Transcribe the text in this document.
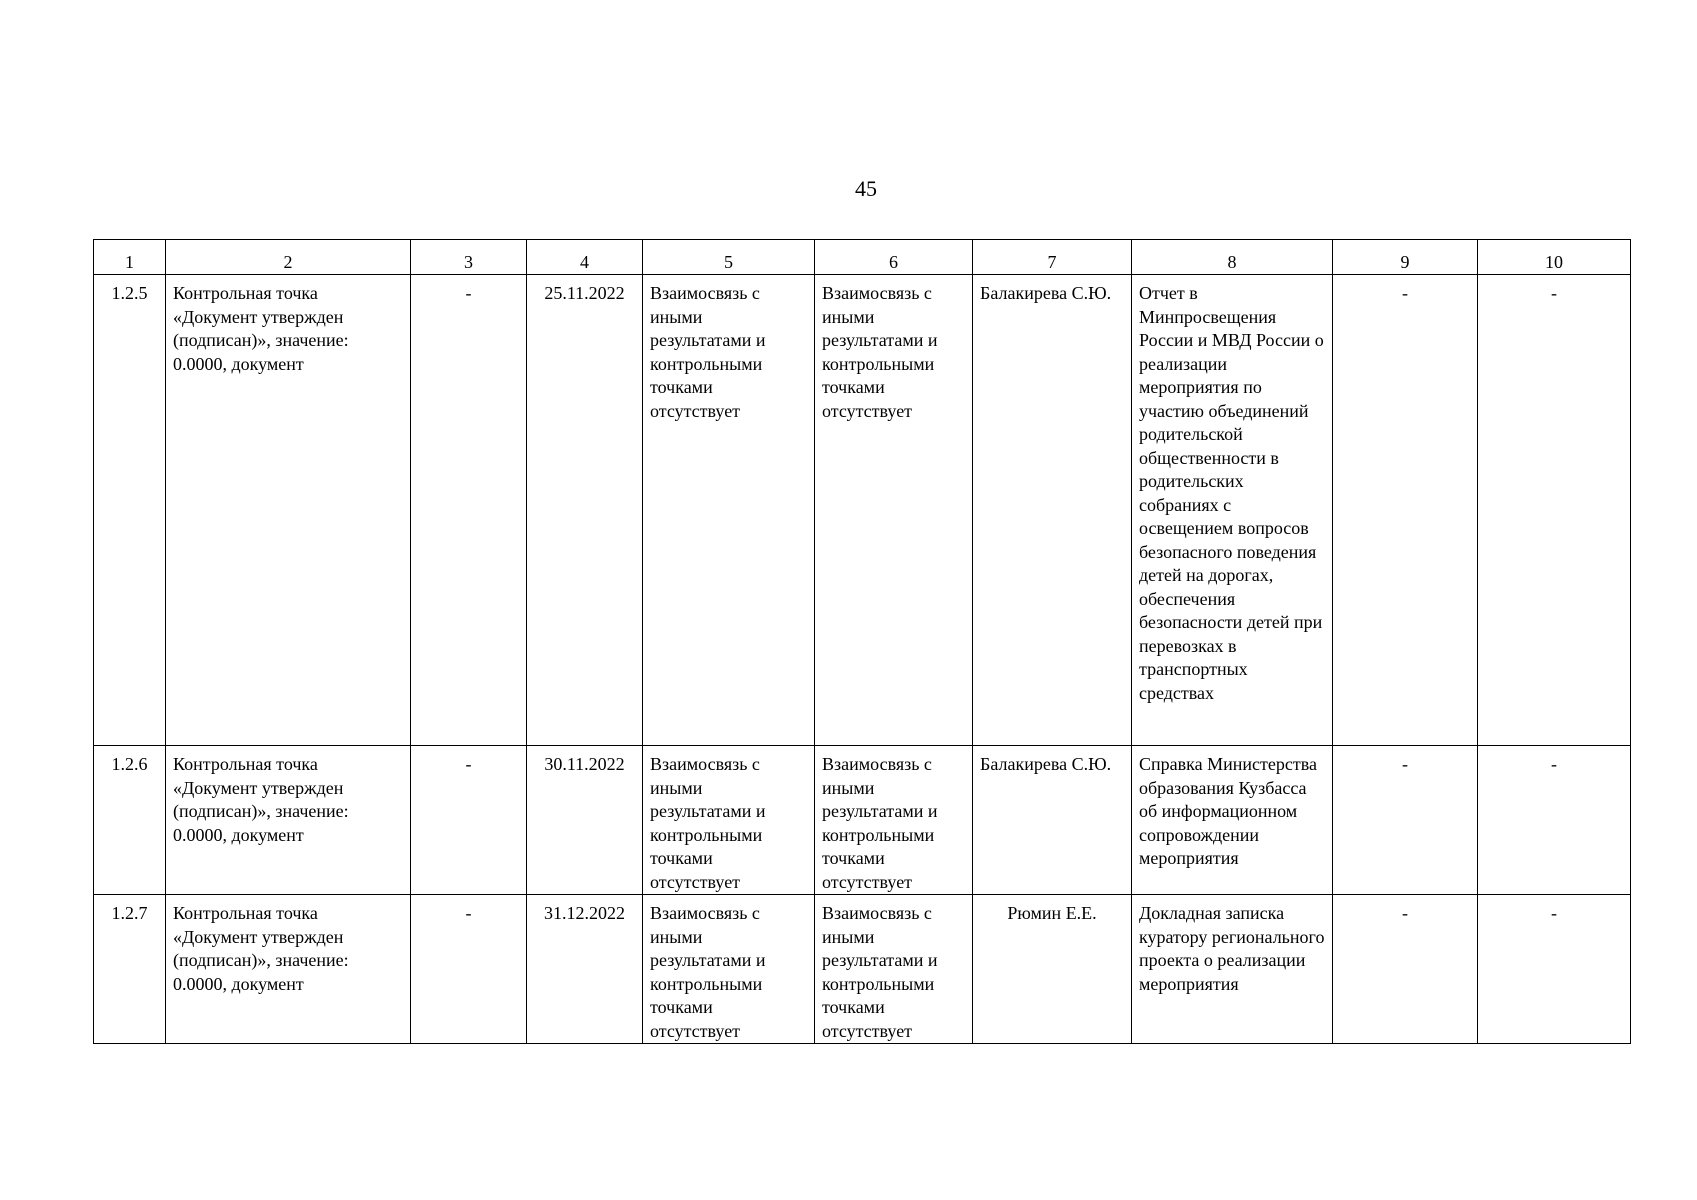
45
1	2	3	4	5	6	7	8	9	10
1.2.5	Контрольная точка «Документ утвержден (подписан)», значение: 0.0000, документ	-	25.11.2022	Взаимосвязь с иными результатами и контрольными точками отсутствует	Взаимосвязь с иными результатами и контрольными точками отсутствует	Балакирева С.Ю.	Отчет в Минпросвещения России и МВД России о реализации мероприятия по участию объединений родительской общественности в родительских собраниях с освещением вопросов безопасного поведения детей на дорогах, обеспечения безопасности детей при перевозках в транспортных средствах	-	-
1.2.6	Контрольная точка «Документ утвержден (подписан)», значение: 0.0000, документ	-	30.11.2022	Взаимосвязь с иными результатами и контрольными точками отсутствует	Взаимосвязь с иными результатами и контрольными точками отсутствует	Балакирева С.Ю.	Справка Министерства образования Кузбасса об информационном сопровождении мероприятия	-	-
1.2.7	Контрольная точка «Документ утвержден (подписан)», значение: 0.0000, документ	-	31.12.2022	Взаимосвязь с иными результатами и контрольными точками отсутствует	Взаимосвязь с иными результатами и контрольными точками отсутствует	Рюмин Е.Е.	Докладная записка куратору регионального проекта о реализации мероприятия	-	-
